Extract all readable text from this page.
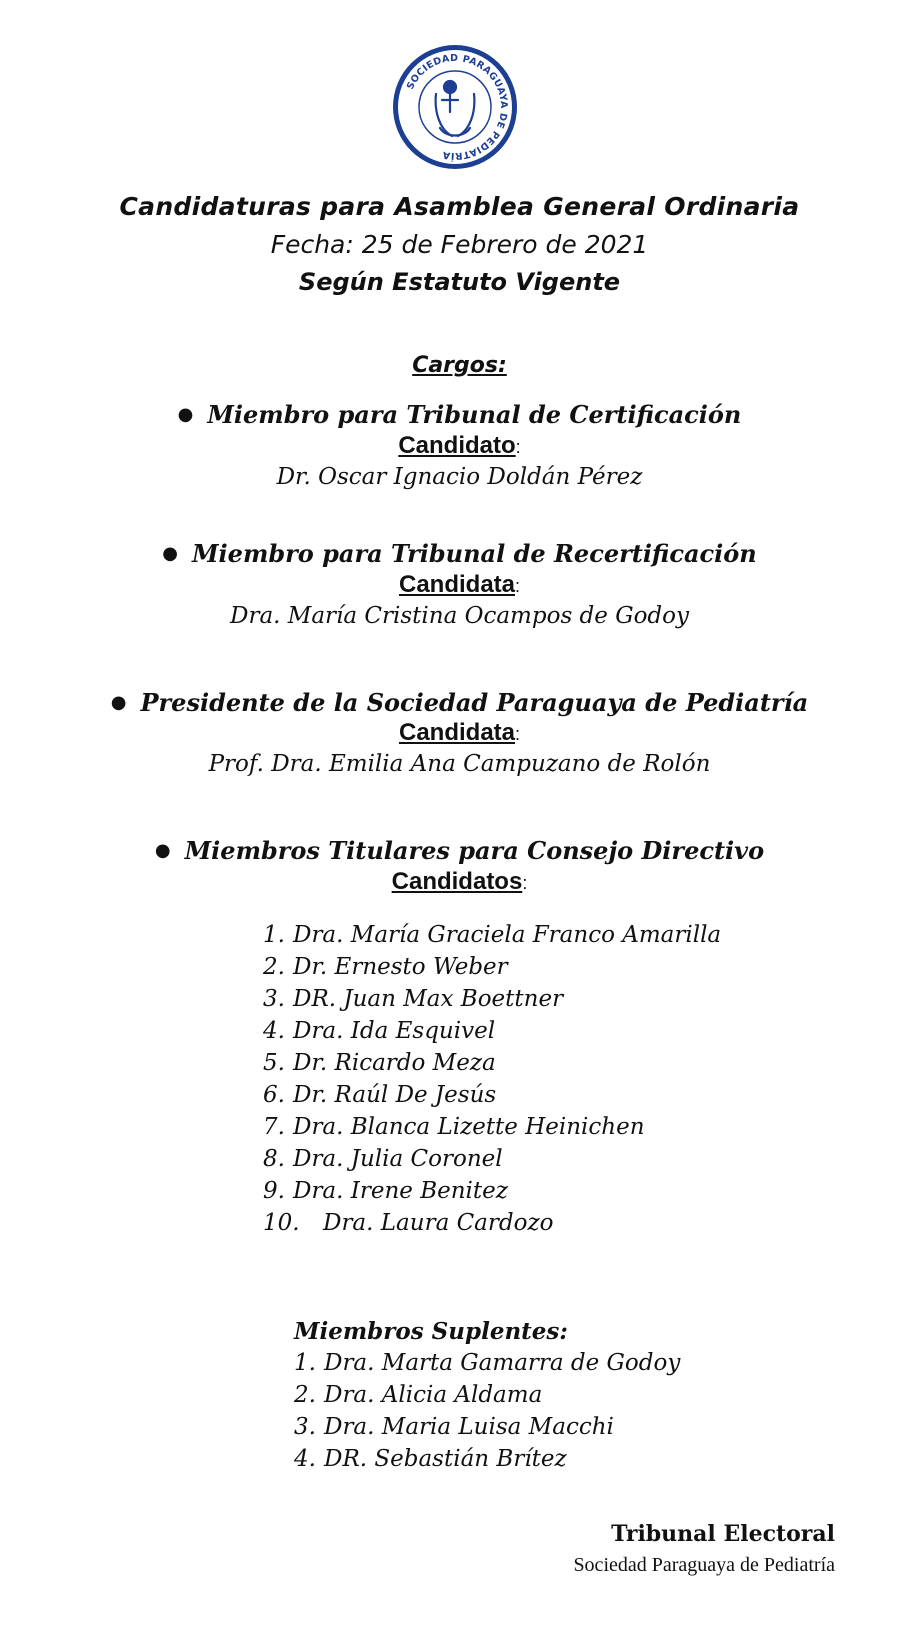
SOCIEDAD PARAGUAYA DE PEDIATRÍA
Candidaturas para Asamblea General Ordinaria
Fecha: 25 de Febrero de 2021
Según Estatuto Vigente
Cargos:
● Miembro para Tribunal de Certificación
Candidato:
Dr. Oscar Ignacio Doldán Pérez
● Miembro para Tribunal de Recertificación
Candidata:
Dra. María Cristina Ocampos de Godoy
● Presidente de la Sociedad Paraguaya de Pediatría
Candidata:
Prof. Dra. Emilia Ana Campuzano de Rolón
● Miembros Titulares para Consejo Directivo
Candidatos:
1. Dra. María Graciela Franco Amarilla
2. Dr. Ernesto Weber
3. DR. Juan Max Boettner
4. Dra. Ida Esquivel
5. Dr. Ricardo Meza
6. Dr. Raúl De Jesús
7. Dra. Blanca Lizette Heinichen
8. Dra. Julia Coronel
9. Dra. Irene Benitez
10. Dra. Laura Cardozo
Miembros Suplentes:
1. Dra. Marta Gamarra de Godoy
2. Dra. Alicia Aldama
3. Dra. Maria Luisa Macchi
4. DR. Sebastián Brítez
Tribunal Electoral
Sociedad Paraguaya de Pediatría
